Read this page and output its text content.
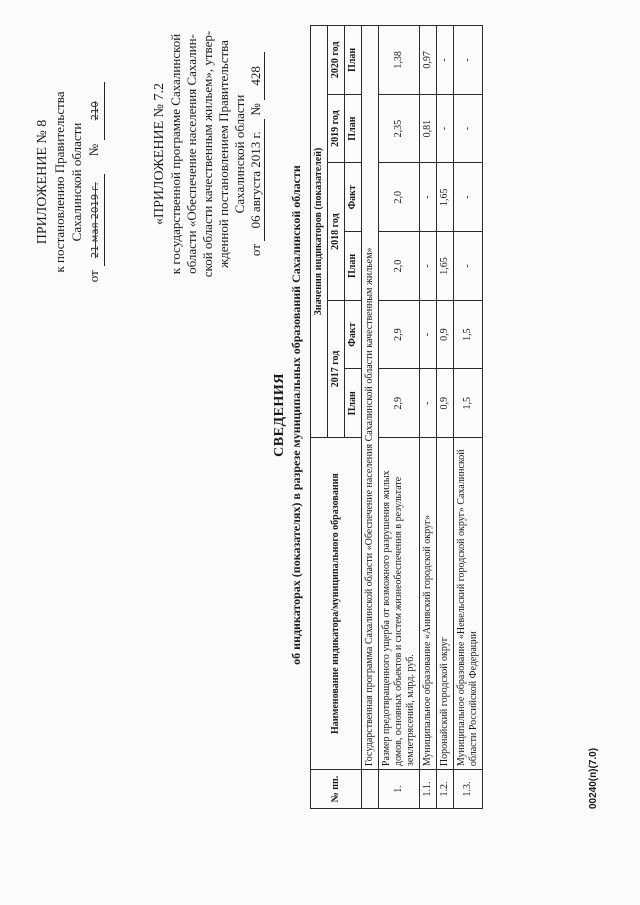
ПРИЛОЖЕНИЕ № 8 к постановлению Правительства Сахалинской области
от
21 мая 2019 г.
№
210	«ПРИЛОЖЕНИЕ № 7.2 к государственной программе Сахалинской области «Обеспечение населения Сахалин- ской области качественным жильем», утвер- жденной постановлением Правительства Сахалинской области
от 06 августа 2013 г. № 428
СВЕДЕНИЯ об индикаторах (показателях) в разрезе муниципальных образований Сахалинской области
№ пп.	Наименование индикатора/муниципального образования	Значения индикаторов (показателей)					
		2017 год		2018 год		2019 год	2020 год
		План	Факт	План	Факт	План	План
	Государственная программа Сахалинской области «Обеспечение населения Сахалинской области качественным жильем»						
1.	Размер предотвращенного ущерба от возможного разрушения жилых домов, основных объектов и систем жизнеобеспечения в результате землетрясений, млрд. руб.	2,9	2,9	2,0	2,0	2,35	1,38
1.1.	Муниципальное образование «Анивский городской округ»	-	-	-	-	0,81	0,97
1.2.	Поронайский городской округ	0,9	0,9	1,65	1,65	-	-
1.3.	Муниципальное образование «Невельский городской округ» Сахалинской области Российской Федерации	1,5	1,5	-	-	-	-
00240(п)(7.0)
